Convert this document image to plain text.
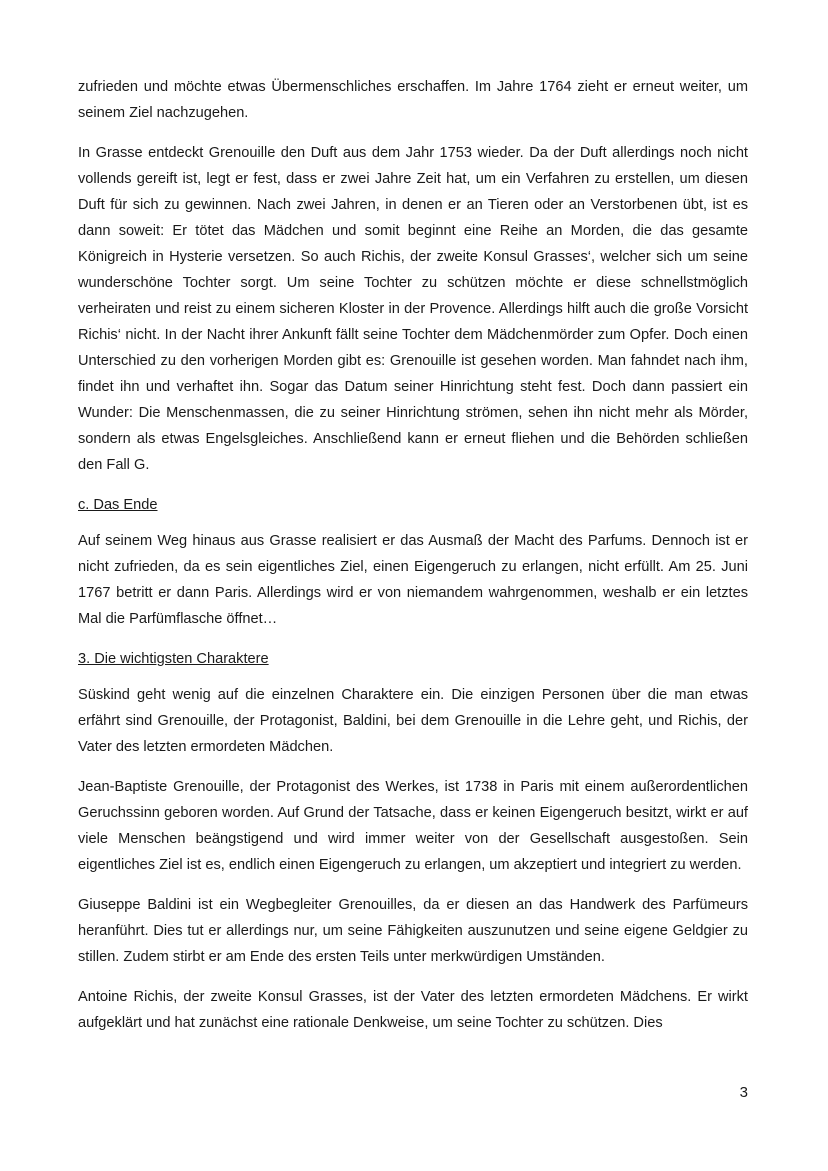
zufrieden und möchte etwas Übermenschliches erschaffen. Im Jahre 1764 zieht er erneut weiter, um seinem Ziel nachzugehen.

In Grasse entdeckt Grenouille den Duft aus dem Jahr 1753 wieder. Da der Duft allerdings noch nicht vollends gereift ist, legt er fest, dass er zwei Jahre Zeit hat, um ein Verfahren zu erstellen, um diesen Duft für sich zu gewinnen. Nach zwei Jahren, in denen er an Tieren oder an Verstorbenen übt, ist es dann soweit: Er tötet das Mädchen und somit beginnt eine Reihe an Morden, die das gesamte Königreich in Hysterie versetzen. So auch Richis, der zweite Konsul Grasses‘, welcher sich um seine wunderschöne Tochter sorgt. Um seine Tochter zu schützen möchte er diese schnellstmöglich verheiraten und reist zu einem sicheren Kloster in der Provence. Allerdings hilft auch die große Vorsicht Richis‘ nicht. In der Nacht ihrer Ankunft fällt seine Tochter dem Mädchenmörder zum Opfer. Doch einen Unterschied zu den vorherigen Morden gibt es: Grenouille ist gesehen worden. Man fahndet nach ihm, findet ihn und verhaftet ihn. Sogar das Datum seiner Hinrichtung steht fest. Doch dann passiert ein Wunder: Die Menschenmassen, die zu seiner Hinrichtung strömen, sehen ihn nicht mehr als Mörder, sondern als etwas Engelsgleiches. Anschließend kann er erneut fliehen und die Behörden schließen den Fall G.

c. Das Ende

Auf seinem Weg hinaus aus Grasse realisiert er das Ausmaß der Macht des Parfums. Dennoch ist er nicht zufrieden, da es sein eigentliches Ziel, einen Eigengeruch zu erlangen, nicht erfüllt. Am 25. Juni 1767 betritt er dann Paris. Allerdings wird er von niemandem wahrgenommen, weshalb er ein letztes Mal die Parfümflasche öffnet…

3. Die wichtigsten Charaktere

Süskind geht wenig auf die einzelnen Charaktere ein. Die einzigen Personen über die man etwas erfährt sind Grenouille, der Protagonist, Baldini, bei dem Grenouille in die Lehre geht, und Richis, der Vater des letzten ermordeten Mädchen.

Jean-Baptiste Grenouille, der Protagonist des Werkes, ist 1738 in Paris mit einem außerordentlichen Geruchssinn geboren worden. Auf Grund der Tatsache, dass er keinen Eigengeruch besitzt, wirkt er auf viele Menschen beängstigend und wird immer weiter von der Gesellschaft ausgestoßen. Sein eigentliches Ziel ist es, endlich einen Eigengeruch zu erlangen, um akzeptiert und integriert zu werden.

Giuseppe Baldini ist ein Wegbegleiter Grenouilles, da er diesen an das Handwerk des Parfümeurs heranführt. Dies tut er allerdings nur, um seine Fähigkeiten auszunutzen und seine eigene Geldgier zu stillen. Zudem stirbt er am Ende des ersten Teils unter merkwürdigen Umständen.

Antoine Richis, der zweite Konsul Grasses, ist der Vater des letzten ermordeten Mädchens. Er wirkt aufgeklärt und hat zunächst eine rationale Denkweise, um seine Tochter zu schützen. Dies

3
